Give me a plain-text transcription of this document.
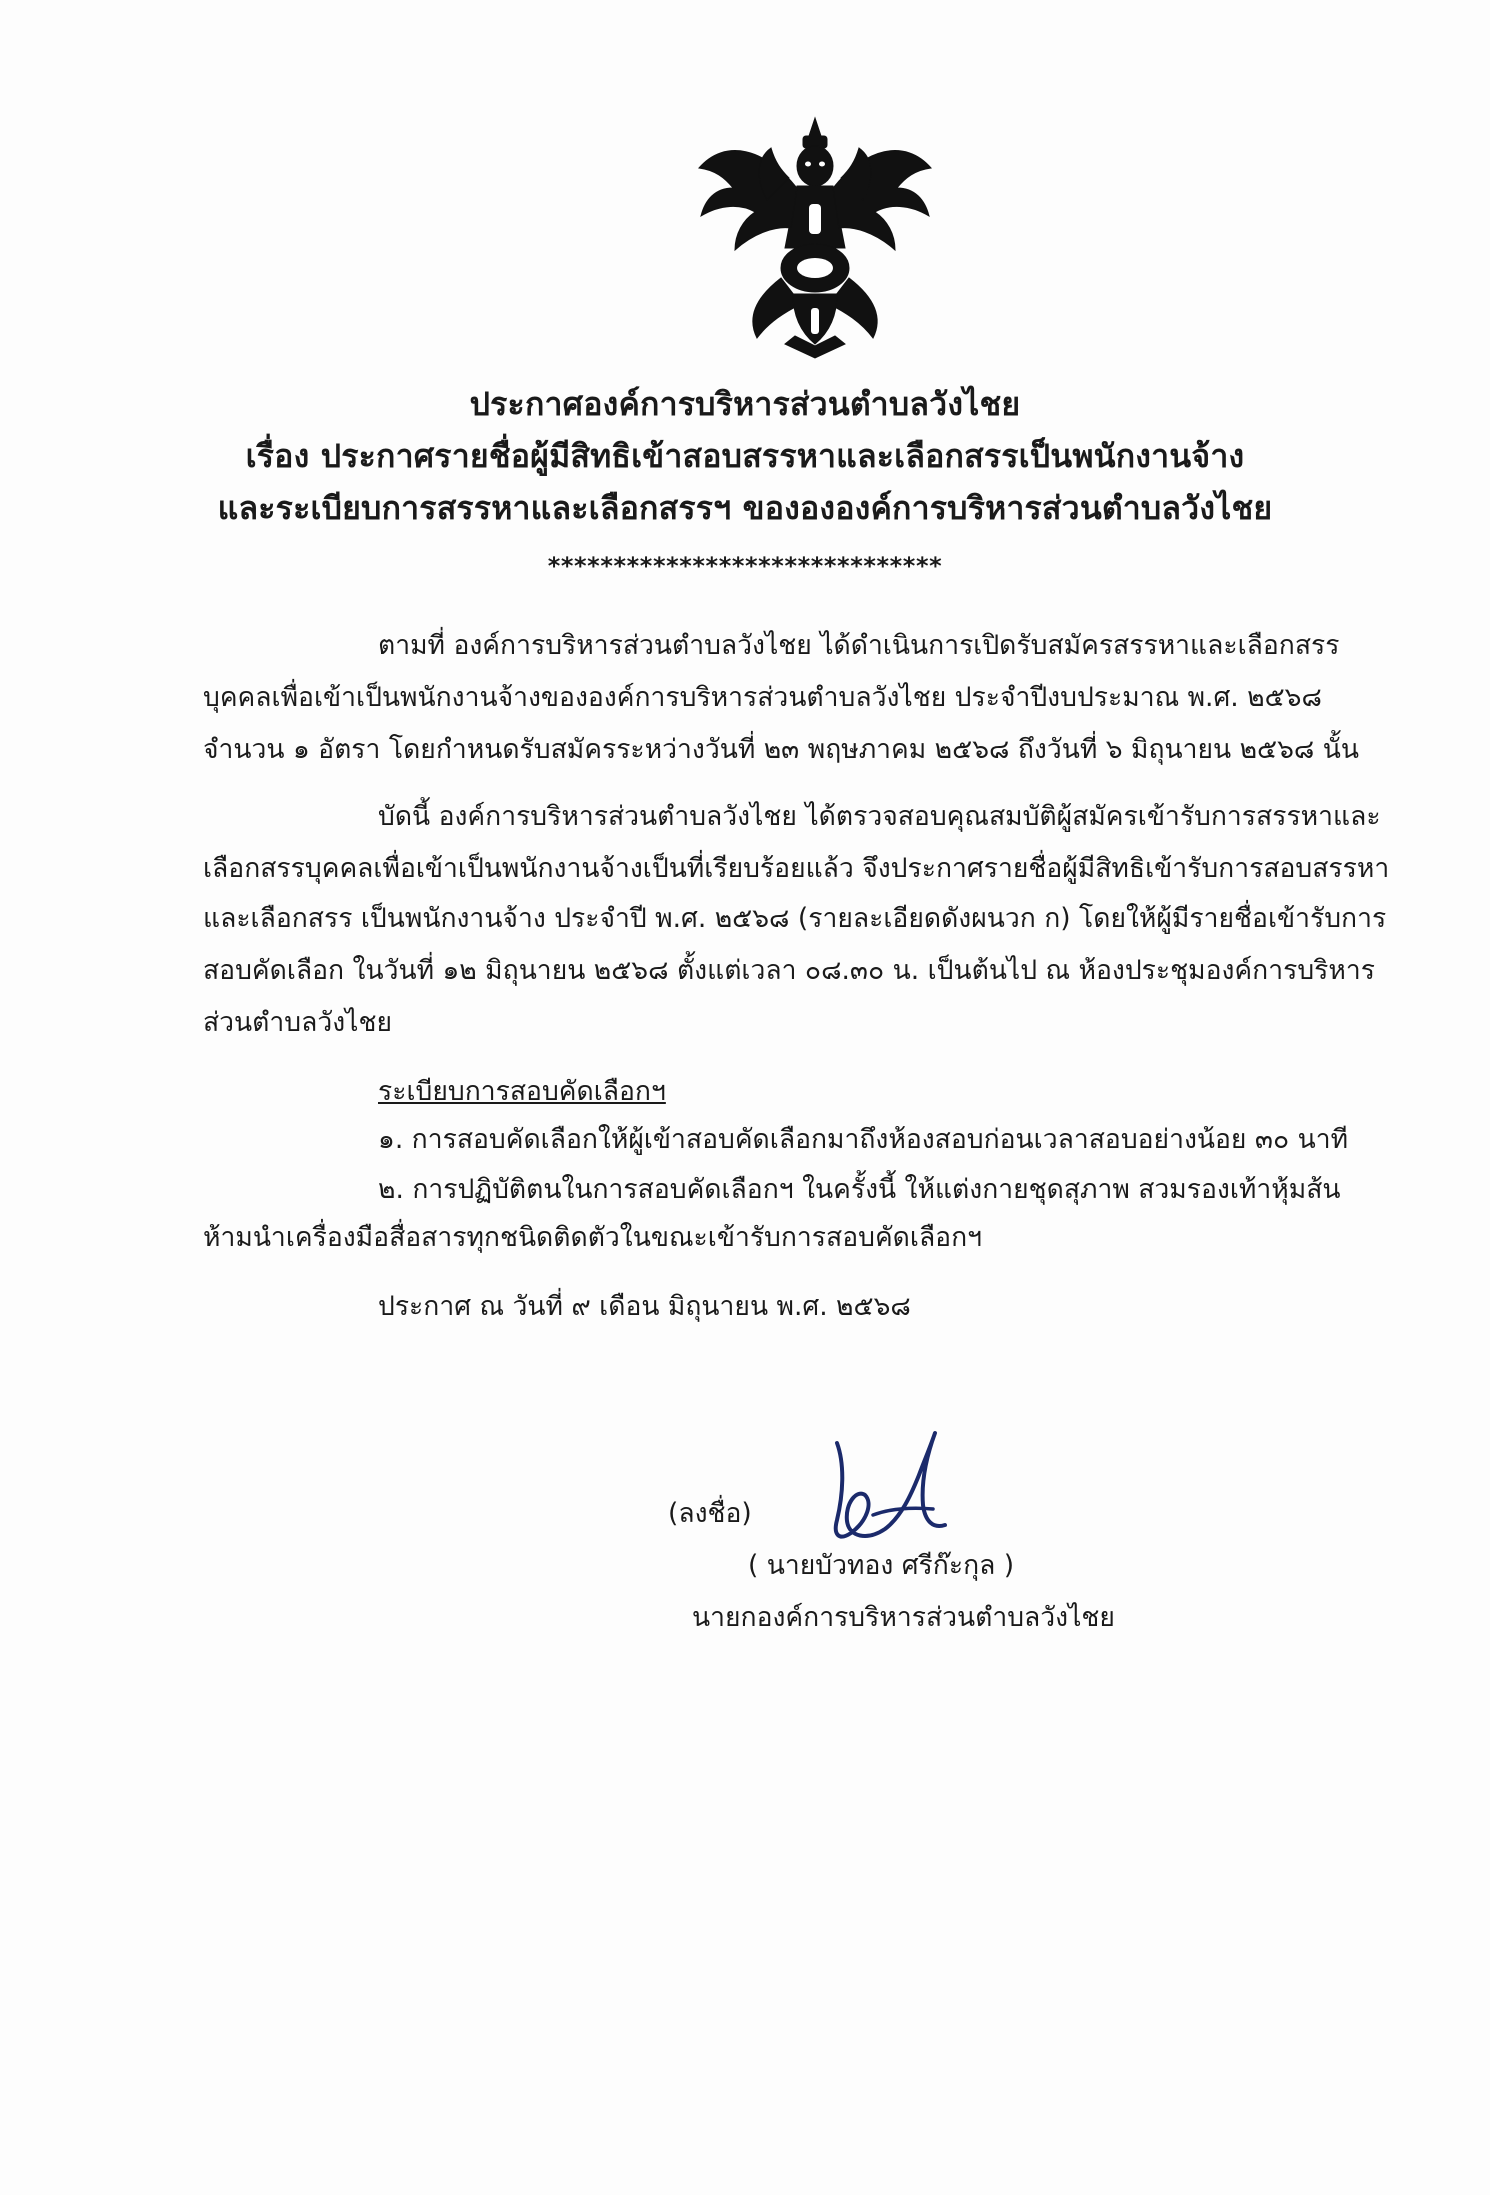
ประกาศองค์การบริหารส่วนตำบลวังไชย
เรื่อง ประกาศรายชื่อผู้มีสิทธิเข้าสอบสรรหาและเลือกสรรเป็นพนักงานจ้าง
และระเบียบการสรรหาและเลือกสรรฯ ของององค์การบริหารส่วนตำบลวังไชย
******************************
ตามที่ องค์การบริหารส่วนตำบลวังไชย ได้ดำเนินการเปิดรับสมัครสรรหาและเลือกสรร
บุคคลเพื่อเข้าเป็นพนักงานจ้างขององค์การบริหารส่วนตำบลวังไชย ประจำปีงบประมาณ พ.ศ. ๒๕๖๘
จำนวน ๑ อัตรา โดยกำหนดรับสมัครระหว่างวันที่ ๒๓ พฤษภาคม ๒๕๖๘ ถึงวันที่ ๖ มิถุนายน ๒๕๖๘ นั้น
บัดนี้ องค์การบริหารส่วนตำบลวังไชย ได้ตรวจสอบคุณสมบัติผู้สมัครเข้ารับการสรรหาและ
เลือกสรรบุคคลเพื่อเข้าเป็นพนักงานจ้างเป็นที่เรียบร้อยแล้ว จึงประกาศรายชื่อผู้มีสิทธิเข้ารับการสอบสรรหา
และเลือกสรร เป็นพนักงานจ้าง ประจำปี พ.ศ. ๒๕๖๘ (รายละเอียดดังผนวก ก) โดยให้ผู้มีรายชื่อเข้ารับการ
สอบคัดเลือก ในวันที่ ๑๒ มิถุนายน ๒๕๖๘ ตั้งแต่เวลา ๐๘.๓๐ น. เป็นต้นไป ณ ห้องประชุมองค์การบริหาร
ส่วนตำบลวังไชย
ระเบียบการสอบคัดเลือกฯ
๑. การสอบคัดเลือกให้ผู้เข้าสอบคัดเลือกมาถึงห้องสอบก่อนเวลาสอบอย่างน้อย ๓๐ นาที
๒. การปฏิบัติตนในการสอบคัดเลือกฯ ในครั้งนี้ ให้แต่งกายชุดสุภาพ สวมรองเท้าหุ้มส้น
ห้ามนำเครื่องมือสื่อสารทุกชนิดติดตัวในขณะเข้ารับการสอบคัดเลือกฯ
ประกาศ ณ วันที่ ๙ เดือน มิถุนายน พ.ศ. ๒๕๖๘
(ลงชื่อ)
( นายบัวทอง ศรีก๊ะกุล )
นายกองค์การบริหารส่วนตำบลวังไชย
